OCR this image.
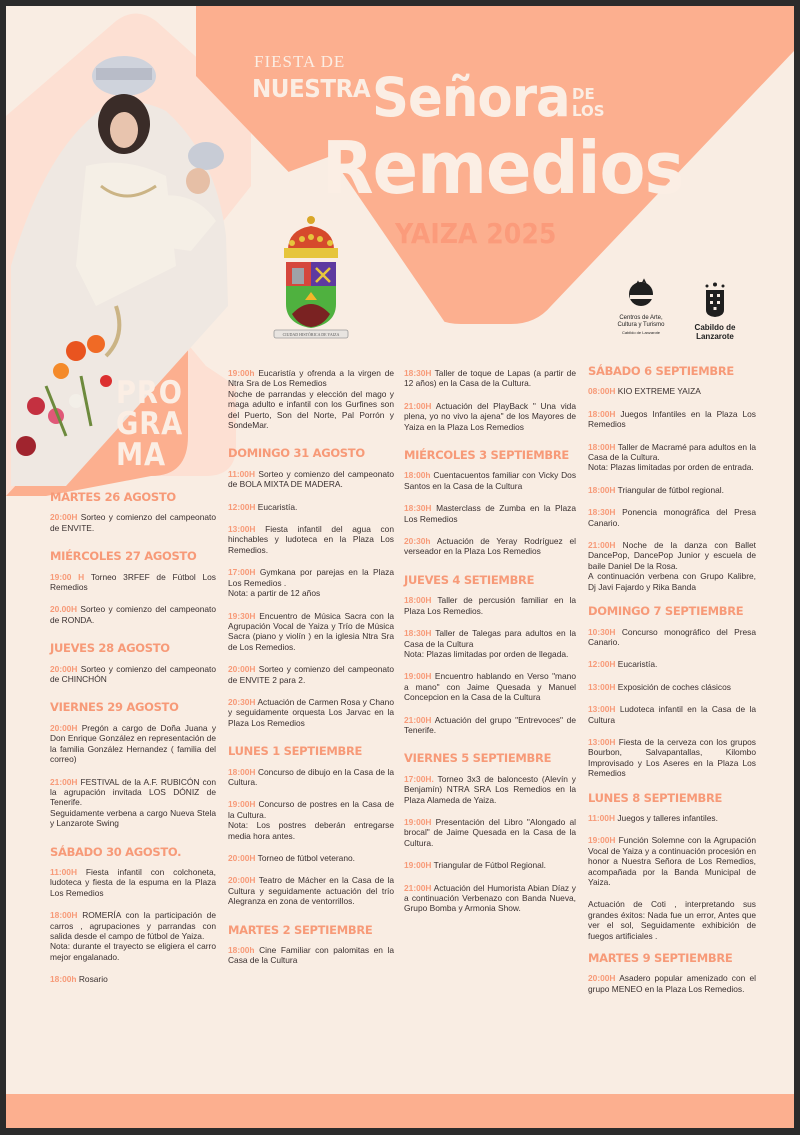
FIESTA DE
NUESTRA Señora DE
LOS
Remedios
YAIZA 2025
CIUDAD HISTÓRICA DE YAIZA
Centros de Arte,
Cultura y Turismo
Cabildo de Lanzarote
Cabildo de
Lanzarote
PRO
GRA
MA
MARTES 26 AGOSTO
20:00H Sorteo y comienzo del campeonato de ENVITE.
MIÉRCOLES 27 AGOSTO
19:00 H Torneo 3RFEF de Fútbol Los Remedios
20.00H Sorteo y comienzo del campeonato de RONDA.
JUEVES 28 AGOSTO
20:00H Sorteo y comienzo del campeonato de CHINCHÓN
VIERNES 29 AGOSTO
20:00H Pregón a cargo de Doña Juana y Don Enrique González en representación de la familia González Hernandez ( familia del correo)
21:00H FESTIVAL de la A.F. RUBICÓN con la agrupación invitada LOS DÓNIZ de Tenerife.
Seguidamente verbena a cargo Nueva Stela y Lanzarote Swing
SÁBADO 30 AGOSTO.
11:00H Fiesta infantil con colchoneta, ludoteca y fiesta de la espuma en la Plaza Los Remedios
18:00H ROMERÍA con la participación de carros , agrupaciones y parrandas con salida desde el campo de fútbol de Yaiza.
Nota: durante el trayecto se eligiera el carro mejor engalanado.
18:00h Rosario
19:00h Eucaristía y ofrenda a la virgen de Ntra Sra de Los Remedios
Noche de parrandas y elección del mago y maga adulto e infantil con los Gurfines son del Puerto, Son del Norte, Pal Porrón y SondeMar.
DOMINGO 31 AGOSTO
11:00H Sorteo y comienzo del campeonato de BOLA MIXTA DE MADERA.
12:00H Eucaristía.
13:00H Fiesta infantil del agua con hinchables y ludoteca en la Plaza Los Remedios.
17:00H Gymkana por parejas en la Plaza Los Remedios .
Nota: a partir de 12 años
19:30H Encuentro de Música Sacra con la Agrupación Vocal de Yaiza y Trío de Música Sacra (piano y violín ) en la iglesia Ntra Sra de Los Remedios.
20:00H Sorteo y comienzo del campeonato de ENVITE 2 para 2.
20:30H Actuación de Carmen Rosa y Chano y seguidamente orquesta Los Jarvac en la Plaza Los Remedios
LUNES 1 SEPTIEMBRE
18:00H Concurso de dibujo en la Casa de la Cultura.
19:00H Concurso de postres en la Casa de la Cultura.
Nota: Los postres deberán entregarse media hora antes.
20:00H Torneo de fútbol veterano.
20:00H Teatro de Mácher en la Casa de la Cultura y seguidamente actuación del trío Alegranza en zona de ventorrillos.
MARTES 2 SEPTIEMBRE
18:00h Cine Familiar con palomitas en la Casa de la Cultura
18:30H Taller de toque de Lapas (a partir de 12 años) en la Casa de la Cultura.
21:00H Actuación del PlayBack " Una vida plena, yo no vivo la ajena" de los Mayores de Yaiza en la Plaza Los Remedios
MIÉRCOLES 3 SEPTIEMBRE
18:00h Cuentacuentos familiar con Vicky Dos Santos en la Casa de la Cultura
18:30H Masterclass de Zumba en la Plaza Los Remedios
20:30h Actuación de Yeray Rodríguez el verseador en la Plaza Los Remedios
JUEVES 4 SETIEMBRE
18:00H Taller de percusión familiar en la Plaza Los Remedios.
18:30H Taller de Talegas para adultos en la Casa de la Cultura
Nota: Plazas limitadas por orden de llegada.
19:00H Encuentro hablando en Verso "mano a mano" con Jaime Quesada y Manuel Concepcion en la Casa de la Cultura
21:00H Actuación del grupo "Entrevoces" de Tenerife.
VIERNES 5 SEPTIEMBRE
17:00H. Torneo 3x3 de baloncesto (Alevín y Benjamín) NTRA SRA Los Remedios en la Plaza Alameda de Yaiza.
19:00H Presentación del Libro "Alongado al brocal" de Jaime Quesada en la Casa de la Cultura.
19:00H Triangular de Fútbol Regional.
21:00H Actuación del Humorista Abian Díaz y a continuación Verbenazo con Banda Nueva, Grupo Bomba y Armonia Show.
SÁBADO 6 SEPTIEMBRE
08:00H KIO EXTREME YAIZA
18:00H Juegos Infantiles en la Plaza Los Remedios
18:00H Taller de Macramé para adultos en la Casa de la Cultura.
Nota: Plazas limitadas por orden de entrada.
18:00H Triangular de fútbol regional.
18:30H Ponencia monográfica del Presa Canario.
21:00H Noche de la danza con Ballet DancePop, DancePop Junior y escuela de baile Daniel De la Rosa.
A continuación verbena con Grupo Kalibre, Dj Javi Fajardo y Rika Banda
DOMINGO 7 SEPTIEMBRE
10:30H Concurso monográfico del Presa Canario.
12:00H Eucaristía.
13:00H Exposición de coches clásicos
13:00H Ludoteca infantil en la Casa de la Cultura
13:00H Fiesta de la cerveza con los grupos Bourbon, Salvapantallas, Kilombo Improvisado y Los Aseres en la Plaza Los Remedios
LUNES 8 SEPTIEMBRE
11:00H Juegos y talleres infantiles.
19:00H Función Solemne con la Agrupación Vocal de Yaiza y a continuación procesión en honor a Nuestra Señora de Los Remedios, acompañada por la Banda Municipal de Yaiza.
Actuación de Coti , interpretando sus grandes éxitos: Nada fue un error, Antes que ver el sol, Seguidamente exhibición de fuegos artificiales .
MARTES 9 SEPTIEMBRE
20:00H Asadero popular amenizado con el grupo MENEO en la Plaza Los Remedios.
